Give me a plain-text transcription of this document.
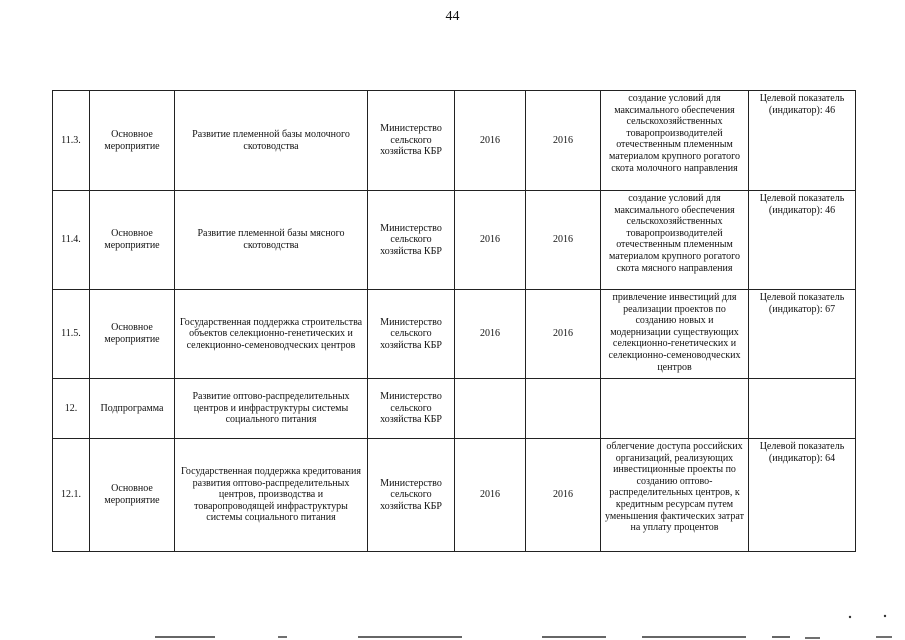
44
11.3.	Основное мероприятие	Развитие племенной базы молочного скотоводства	Министерство сельского хозяйства КБР	2016	2016	создание условий для максимального обеспечения сельскохозяйственных товаропроизводителей отечественным племенным материалом крупного рогатого скота молочного направления	Целевой показатель (индикатор): 46
11.4.	Основное мероприятие	Развитие племенной базы мясного скотоводства	Министерство сельского хозяйства КБР	2016	2016	создание условий для максимального обеспечения сельскохозяйственных товаропроизводителей отечественным племенным материалом крупного рогатого скота мясного направления	Целевой показатель (индикатор): 46
11.5.	Основное мероприятие	Государственная поддержка строительства объектов селекционно-генетических и селекционно-семеноводческих центров	Министерство сельского хозяйства КБР	2016	2016	привлечение инвестиций для реализации проектов по созданию новых и модернизации существующих селекционно-генетических и селекционно-семеноводческих центров	Целевой показатель (индикатор): 67
12.	Подпрограмма	Развитие оптово-распределительных центров и инфраструктуры системы социального питания	Министерство сельского хозяйства КБР				
12.1.	Основное мероприятие	Государственная поддержка кредитования развития оптово-распределительных центров, производства и товаропроводящей инфраструктуры системы социального питания	Министерство сельского хозяйства КБР	2016	2016	облегчение доступа российских организаций, реализующих инвестиционные проекты по созданию оптово-распределительных центров, к кредитным ресурсам путем уменьшения фактических затрат на уплату процентов	Целевой показатель (индикатор): 64
